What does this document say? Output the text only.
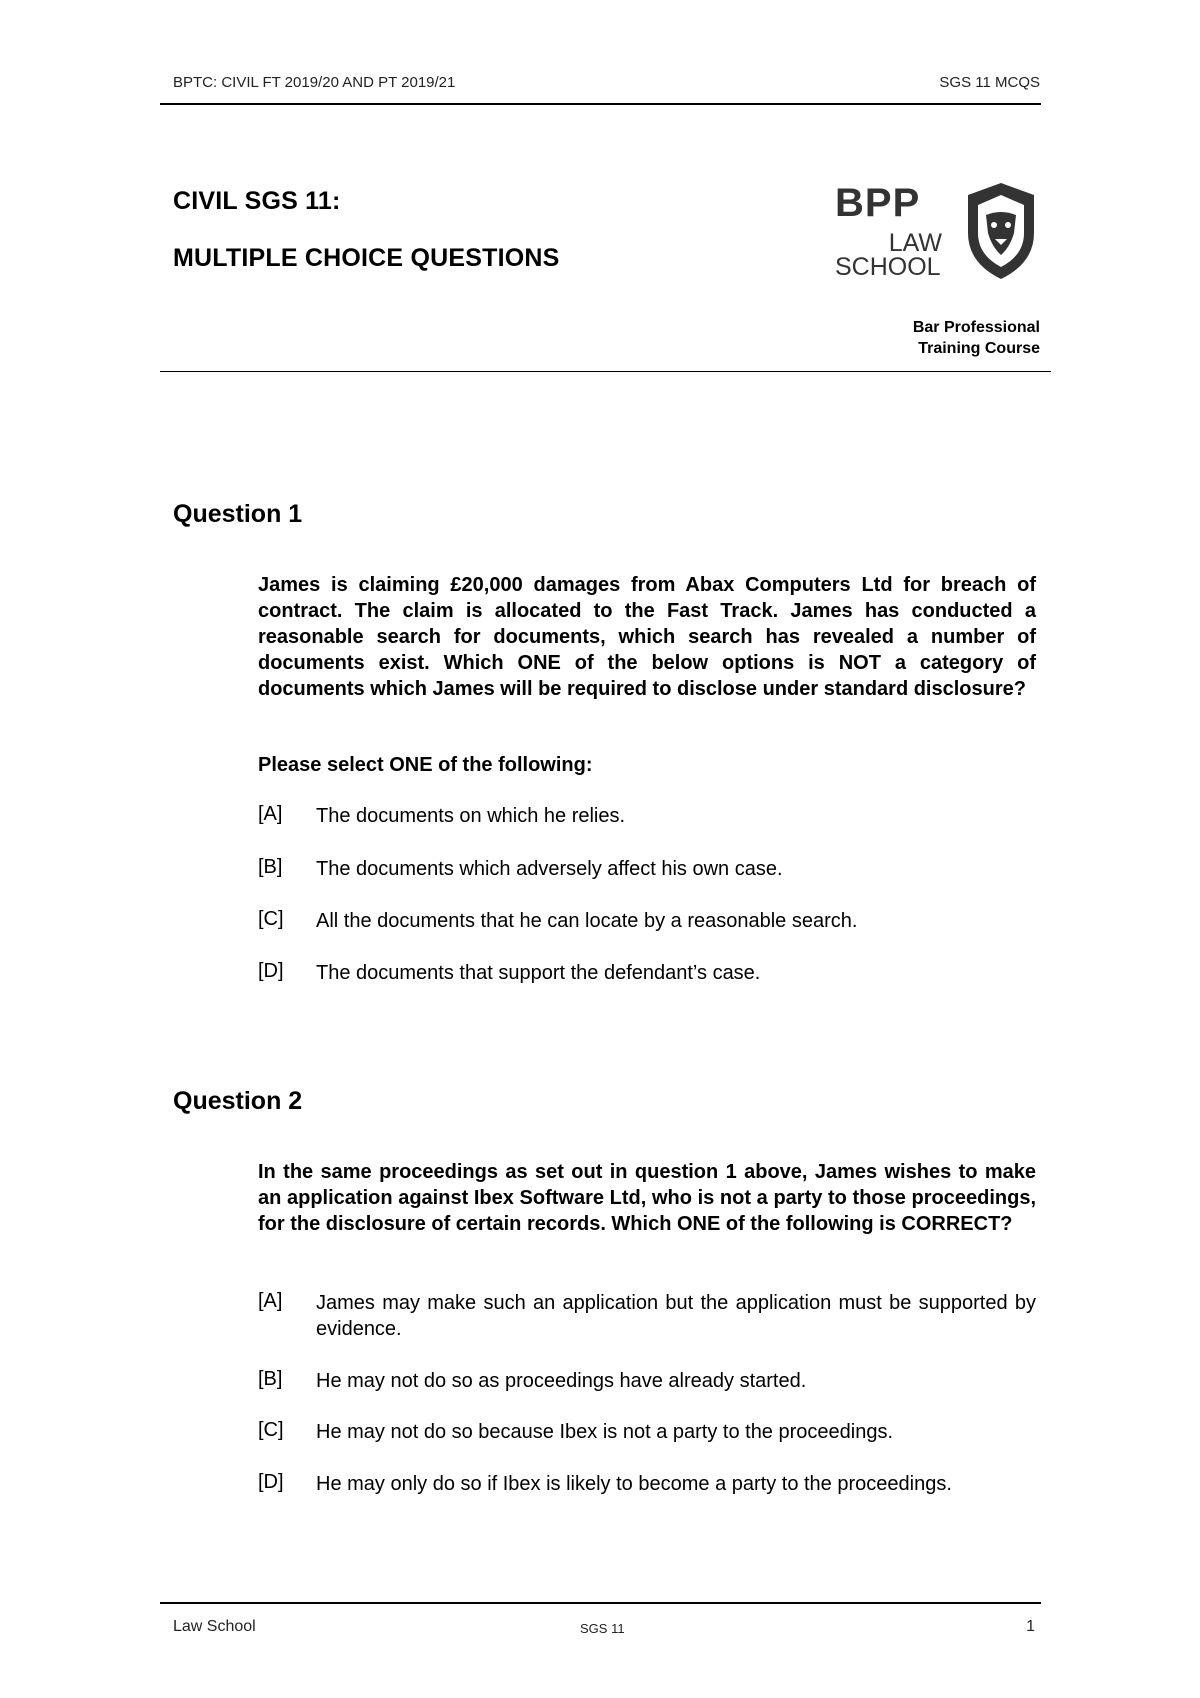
BPTC: CIVIL FT 2019/20 AND PT 2019/21	SGS 11 MCQS
CIVIL SGS 11:
MULTIPLE CHOICE QUESTIONS
BPP
LAW
SCHOOL
Bar Professional
Training Course
Question 1
James is claiming £20,000 damages from Abax Computers Ltd for breach of contract. The claim is allocated to the Fast Track. James has conducted a reasonable search for documents, which search has revealed a number of documents exist. Which ONE of the below options is NOT a category of documents which James will be required to disclose under standard disclosure?
Please select ONE of the following:
[A] The documents on which he relies.
[B] The documents which adversely affect his own case.
[C] All the documents that he can locate by a reasonable search.
[D] The documents that support the defendant’s case.
Question 2
In the same proceedings as set out in question 1 above, James wishes to make an application against Ibex Software Ltd, who is not a party to those proceedings, for the disclosure of certain records. Which ONE of the following is CORRECT?
[A] James may make such an application but the application must be supported by evidence.
[B] He may not do so as proceedings have already started.
[C] He may not do so because Ibex is not a party to the proceedings.
[D] He may only do so if Ibex is likely to become a party to the proceedings.
Law School	SGS 11	1
